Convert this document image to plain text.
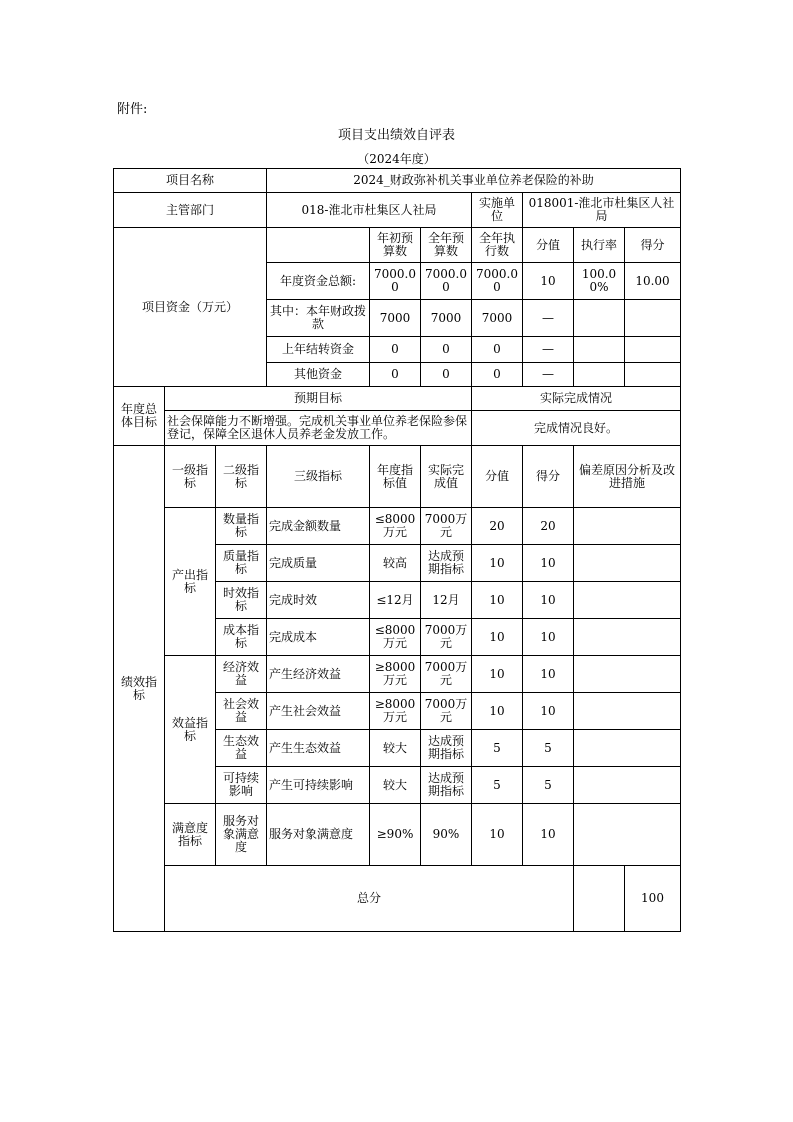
附件:
项目支出绩效自评表
（2024年度）
项目名称			2024_财政弥补机关事业单位养老保险的补助							
主管部门			018-淮北市杜集区人社局			实施单位	018001-淮北市杜集区人社局			
项目资金（万元）				年初预算数	全年预算数	全年执行数	分值	执行率	得分	
			年度资金总额:	7000.00	7000.00	7000.00	10	100.00%	10.00	
			其中：本年财政拨款	7000	7000	7000	—			
			上年结转资金	0	0	0	—			
			其他资金	0	0	0	—			
年度总体目标	预期目标					实际完成情况				
	社会保障能力不断增强。完成机关事业单位养老保险参保登记，保障全区退休人员养老金发放工作。					完成情况良好。				
绩效指标	一级指标	二级指标	三级指标	年度指标值	实际完成值	分值	得分	偏差原因分析及改进措施		
	产出指标	数量指标	完成金额数量	≤8000万元	7000万元	20	20			
		质量指标	完成质量	较高	达成预期指标	10	10			
		时效指标	完成时效	≤12月	12月	10	10			
		成本指标	完成成本	≤8000万元	7000万元	10	10			
	效益指标	经济效益	产生经济效益	≥8000万元	7000万元	10	10			
		社会效益	产生社会效益	≥8000万元	7000万元	10	10			
		生态效益	产生生态效益	较大	达成预期指标	5	5			
		可持续影响	产生可持续影响	较大	达成预期指标	5	5			
	满意度指标	服务对象满意度	服务对象满意度	≥90%	90%	10	10			
	总分								100	
